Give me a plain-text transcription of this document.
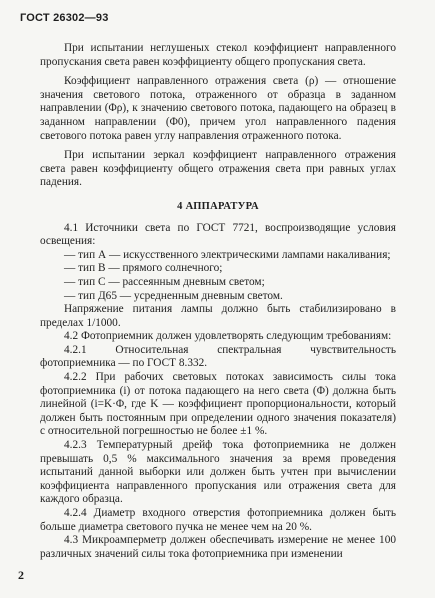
ГОСТ 26302—93

При испытании неглушеных стекол коэффициент направленного пропускания света равен коэффициенту общего пропускания света.

Коэффициент направленного отражения света (ρ) — отношение значения светового потока, отраженного от образца в заданном направлении (Φρ), к значению светового потока, падающего на образец в заданном направлении (Φ0), причем угол направленного падения светового потока равен углу направления отраженного потока.

При испытании зеркал коэффициент направленного отражения света равен коэффициенту общего отражения света при равных углах падения.

4 АППАРАТУРА

4.1 Источники света по ГОСТ 7721, воспроизводящие условия освещения:

— тип А — искусственного электрическими лампами накаливания;

— тип В — прямого солнечного;

— тип С — рассеянным дневным светом;

— тип Д65 — усредненным дневным светом.

Напряжение питания лампы должно быть стабилизировано в пределах 1/1000.

4.2 Фотоприемник должен удовлетворять следующим требованиям:

4.2.1 Относительная спектральная чувствительность фотоприемника — по ГОСТ 8.332.

4.2.2 При рабочих световых потоках зависимость силы тока фотоприемника (i) от потока падающего на него света (Φ) должна быть линейной (i=K·Φ, где K — коэффициент пропорциональности, который должен быть постоянным при определении одного значения показателя) с относительной погрешностью не более ±1 %.

4.2.3 Температурный дрейф тока фотоприемника не должен превышать 0,5 % максимального значения за время проведения испытаний данной выборки или должен быть учтен при вычислении коэффициента направленного пропускания или отражения света для каждого образца.

4.2.4 Диаметр входного отверстия фотоприемника должен быть больше диаметра светового пучка не менее чем на 20 %.

4.3 Микроамперметр должен обеспечивать измерение не менее 100 различных значений силы тока фотоприемника при изменении

2
